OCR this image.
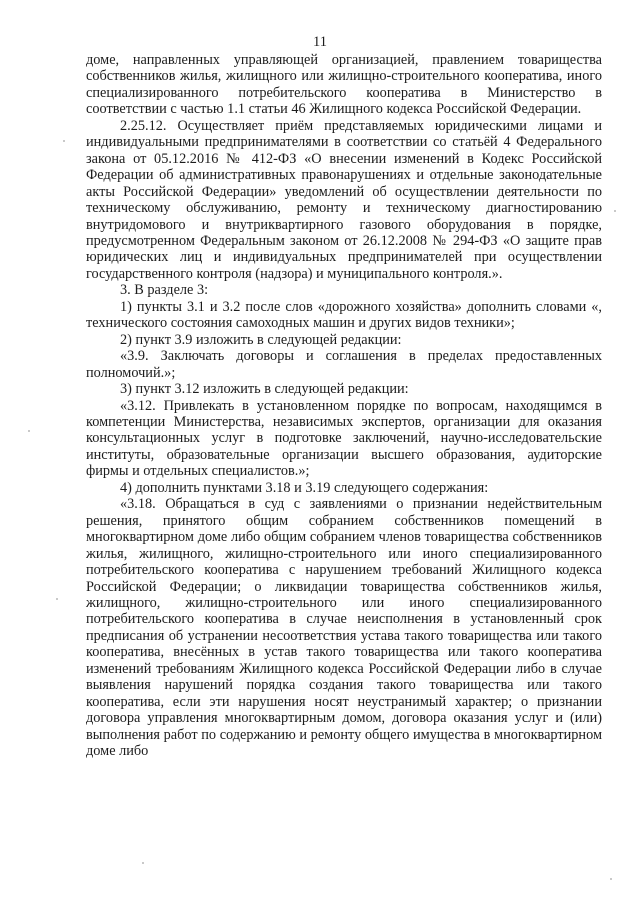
11

доме, направленных управляющей организацией, правлением товарищества собственников жилья, жилищного или жилищно-строительного кооператива, иного специализированного потребительского кооператива в Министерство в соответствии с частью 1.1 статьи 46 Жилищного кодекса Российской Федерации.

2.25.12. Осуществляет приём представляемых юридическими лицами и индивидуальными предпринимателями в соответствии со статьёй 4 Федерального закона от 05.12.2016 № 412-ФЗ «О внесении изменений в Кодекс Российской Федерации об административных правонарушениях и отдельные законодательные акты Российской Федерации» уведомлений об осуществлении деятельности по техническому обслуживанию, ремонту и техническому диагностированию внутридомового и внутриквартирного газового оборудования в порядке, предусмотренном Федеральным законом от 26.12.2008 № 294-ФЗ «О защите прав юридических лиц и индивидуальных предпринимателей при осуществлении государственного контроля (надзора) и муниципального контроля.».

3. В разделе 3:

1) пункты 3.1 и 3.2 после слов «дорожного хозяйства» дополнить словами «, технического состояния самоходных машин и других видов техники»;

2) пункт 3.9 изложить в следующей редакции:

«3.9. Заключать договоры и соглашения в пределах предоставленных полномочий.»;

3) пункт 3.12 изложить в следующей редакции:

«3.12. Привлекать в установленном порядке по вопросам, находящимся в компетенции Министерства, независимых экспертов, организации для оказания консультационных услуг в подготовке заключений, научно-исследовательские институты, образовательные организации высшего образования, аудиторские фирмы и отдельных специалистов.»;

4) дополнить пунктами 3.18 и 3.19 следующего содержания:

«3.18. Обращаться в суд с заявлениями о признании недействительным решения, принятого общим собранием собственников помещений в многоквартирном доме либо общим собранием членов товарищества собственников жилья, жилищного, жилищно-строительного или иного специализированного потребительского кооператива с нарушением требований Жилищного кодекса Российской Федерации; о ликвидации товарищества собственников жилья, жилищного, жилищно-строительного или иного специализированного потребительского кооператива в случае неисполнения в установленный срок предписания об устранении несоответствия устава такого товарищества или такого кооператива, внесённых в устав такого товарищества или такого кооператива изменений требованиям Жилищного кодекса Российской Федерации либо в случае выявления нарушений порядка создания такого товарищества или такого кооператива, если эти нарушения носят неустранимый характер; о признании договора управления многоквартирным домом, договора оказания услуг и (или) выполнения работ по содержанию и ремонту общего имущества в многоквартирном доме либо
